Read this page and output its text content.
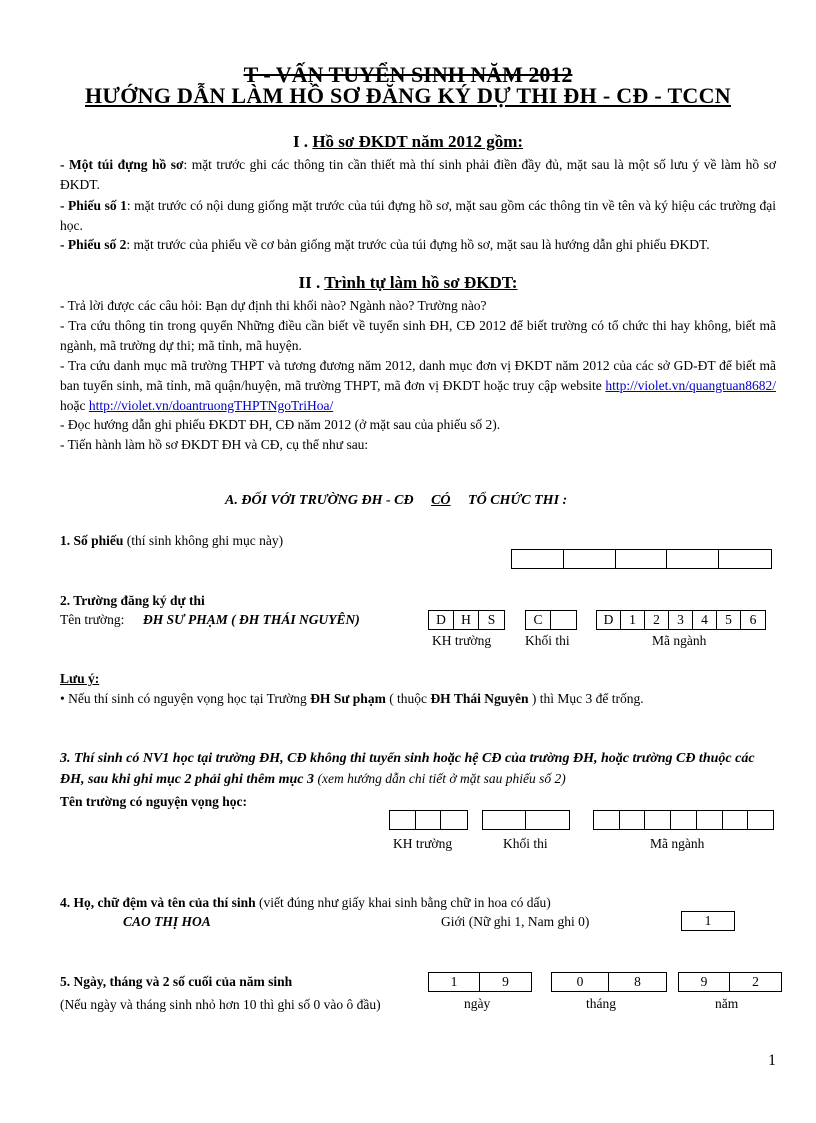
T - VẤN TUYỂN SINH NĂM 2012
HƯỚNG DẪN LÀM HỒ SƠ ĐĂNG KÝ DỰ THI ĐH - CĐ - TCCN
I . Hồ sơ ĐKDT năm 2012 gồm:
- Một túi đựng hồ sơ: mặt trước ghi các thông tin cần thiết mà thí sinh phải điền đầy đủ, mặt sau là một số lưu ý về làm hồ sơ ĐKDT.
- Phiếu số 1: mặt trước có nội dung giống mặt trước của túi đựng hồ sơ, mặt sau gồm các thông tin về tên và ký hiệu các trường đại học.
- Phiếu số 2: mặt trước của phiếu về cơ bản giống mặt trước của túi đựng hồ sơ, mặt sau là hướng dẫn ghi phiếu ĐKDT.
II . Trình tự làm hồ sơ ĐKDT:
- Trả lời được các câu hỏi: Bạn dự định thi khối nào? Ngành nào? Trường nào?
- Tra cứu thông tin trong quyển Những điều cần biết về tuyển sinh ĐH, CĐ 2012 để biết trường có tổ chức thi hay không, biết mã ngành, mã trường dự thi; mã tỉnh, mã huyện.
- Tra cứu danh mục mã trường THPT và tương đương năm 2012, danh mục đơn vị ĐKDT năm 2012 của các sở GD-ĐT để biết mã ban tuyển sinh, mã tỉnh, mã quận/huyện, mã trường THPT, mã đơn vị ĐKDT hoặc truy cập website http://violet.vn/quangtuan8682/ hoặc http://violet.vn/doantruongTHPTNgoTriHoa/
- Đọc hướng dẫn ghi phiếu ĐKDT ĐH, CĐ năm 2012 (ở mặt sau của phiếu số 2).
- Tiến hành làm hồ sơ ĐKDT ĐH và CĐ, cụ thể như sau:
A. ĐỐI VỚI TRƯỜNG ĐH - CĐ CÓ TỔ CHỨC THI :
1. Số phiếu (thí sinh không ghi mục này)
2. Trường đăng ký dự thi
Tên trường: ĐH SƯ PHẠM ( ĐH THÁI NGUYÊN)	D	H	S	C	D	1	2	3	4	5	6
KH trường	Khối thi	Mã ngành
Lưu ý:
• Nếu thí sinh có nguyện vọng học tại Trường ĐH Sư phạm ( thuộc ĐH Thái Nguyên ) thì Mục 3 để trống.
3. Thí sinh có NV1 học tại trường ĐH, CĐ không thi tuyển sinh hoặc hệ CĐ của trường ĐH, hoặc trường CĐ thuộc các ĐH, sau khi ghi mục 2 phải ghi thêm mục 3 (xem hướng dẫn chi tiết ở mặt sau phiếu số 2)
Tên trường có nguyện vọng học:
KH trường	Khối thi	Mã ngành
4. Họ, chữ đệm và tên của thí sinh (viết đúng như giấy khai sinh bằng chữ in hoa có dấu)
CAO THỊ HOA	Giới (Nữ ghi 1, Nam ghi 0)	1
5. Ngày, tháng và 2 số cuối của năm sinh
(Nếu ngày và tháng sinh nhỏ hơn 10 thì ghi số 0 vào ô đầu)
1	9	0	8	9	2
ngày	tháng	năm
1
